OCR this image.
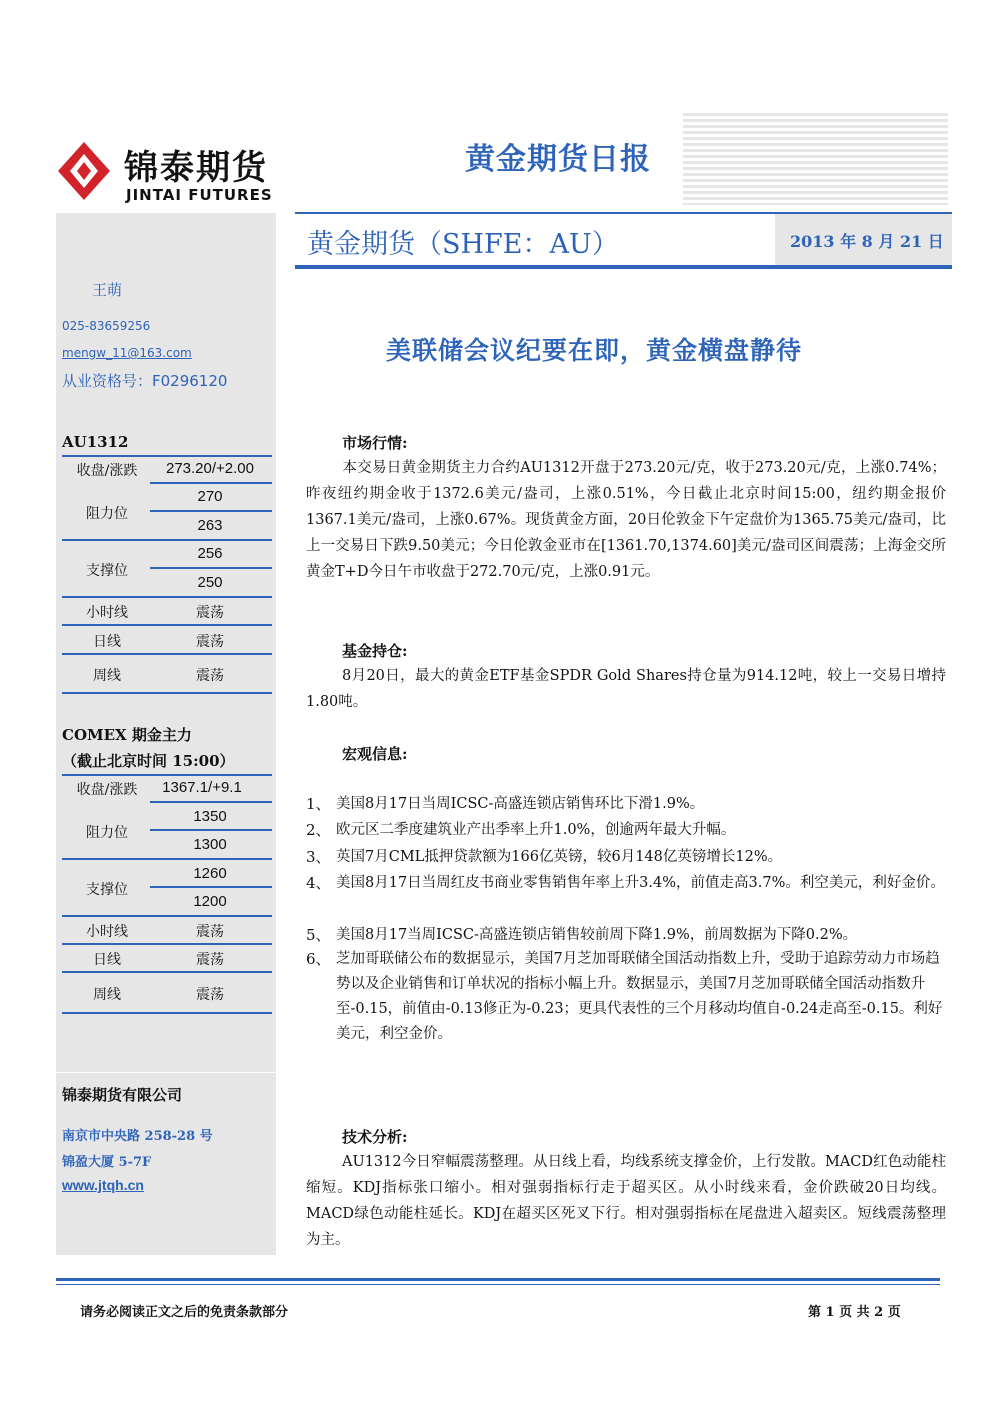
锦泰期货
JINTAI FUTURES
黄金期货日报
王萌
025-83659256
mengw_11@163.com
从业资格号：F0296120
AU1312
收盘/涨跌	273.20/+2.00
阻力位
270
263
支撑位
256
250
小时线	震荡
日线	震荡
周线	震荡
COMEX 期金主力
（截止北京时间 15:00）
收盘/涨跌	1367.1/+9.1
阻力位
1350
1300
支撑位
1260
1200
小时线	震荡
日线	震荡
周线	震荡
锦泰期货有限公司
南京市中央路 258-28 号
锦盈大厦 5-7F
www.jtqh.cn
黄金期货（SHFE：AU）	2013 年 8 月 21 日
美联储会议纪要在即，黄金横盘静待
市场行情:
本交易日黄金期货主力合约AU1312开盘于273.20元/克，收于273.20元/克，上涨0.74%；昨夜纽约期金收于1372.6美元/盎司，上涨0.51%，今日截止北京时间15:00，纽约期金报价1367.1美元/盎司，上涨0.67%。现货黄金方面，20日伦敦金下午定盘价为1365.75美元/盎司，比上一交易日下跌9.50美元；今日伦敦金亚市在[1361.70,1374.60]美元/盎司区间震荡；上海金交所黄金T+D今日午市收盘于272.70元/克，上涨0.91元。
基金持仓:
8月20日，最大的黄金ETF基金SPDR Gold Shares持仓量为914.12吨，较上一交易日增持1.80吨。
宏观信息:
1、 美国8月17日当周ICSC-高盛连锁店销售环比下滑1.9%。
2、 欧元区二季度建筑业产出季率上升1.0%，创逾两年最大升幅。
3、 英国7月CML抵押贷款额为166亿英镑，较6月148亿英镑增长12%。
4、 美国8月17日当周红皮书商业零售销售年率上升3.4%，前值走高3.7%。利空美元，利好金价。
5、 美国8月17当周ICSC-高盛连锁店销售较前周下降1.9%，前周数据为下降0.2%。
6、 芝加哥联储公布的数据显示，美国7月芝加哥联储全国活动指数上升，受助于追踪劳动力市场趋势以及企业销售和订单状况的指标小幅上升。数据显示，美国7月芝加哥联储全国活动指数升至-0.15，前值由-0.13修正为-0.23；更具代表性的三个月移动均值自-0.24走高至-0.15。利好美元，利空金价。
技术分析:
AU1312今日窄幅震荡整理。从日线上看，均线系统支撑金价，上行发散。MACD红色动能柱缩短。KDJ指标张口缩小。相对强弱指标行走于超买区。从小时线来看，金价跌破20日均线。MACD绿色动能柱延长。KDJ在超买区死叉下行。相对强弱指标在尾盘进入超卖区。短线震荡整理为主。
请务必阅读正文之后的免责条款部分	第 1 页 共 2 页
